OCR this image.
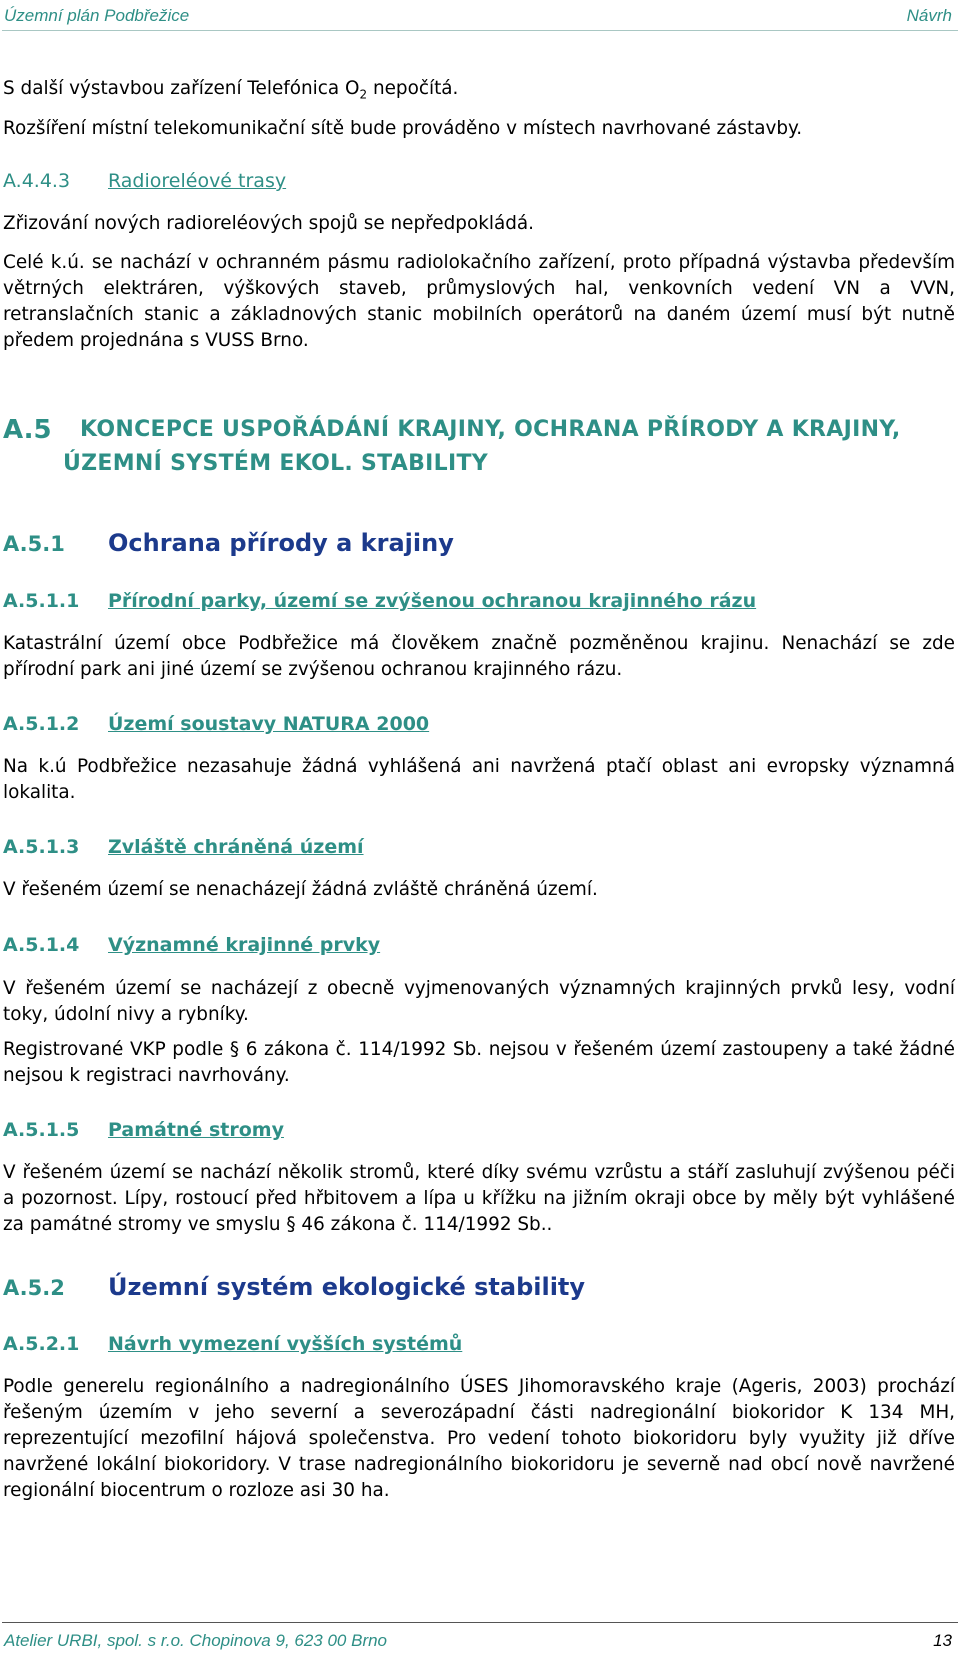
Územní plán Podbřežice	Návrh

S další výstavbou zařízení Telefónica $O_2$ nepočítá.

Rozšíření místní telekomunikační sítě bude prováděno v místech navrhované zástavby.

A.4.4.3 Radioreléové trasy

Zřizování nových radioreléových spojů se nepředpokládá.

Celé k.ú. se nachází v ochranném pásmu radiolokačního zařízení, proto případná výstavba především větrných elektráren, výškových staveb, průmyslových hal, venkovních vedení VN a VVN, retranslačních stanic a základnových stanic mobilních operátorů na daném území musí být nutně předem projednána s VUSS Brno.

A.5	KONCEPCE USPOŘÁDÁNÍ KRAJINY, OCHRANA PŘÍRODY A KRAJINY,
ÚZEMNÍ SYSTÉM EKOL. STABILITY
A.5.1 Ochrana přírody a krajiny
A.5.1.1 Přírodní parky, území se zvýšenou ochranou krajinného rázu

Katastrální území obce Podbřežice má člověkem značně pozměněnou krajinu. Nenachází se zde přírodní park ani jiné území se zvýšenou ochranou krajinného rázu.

A.5.1.2 Území soustavy NATURA 2000

Na k.ú Podbřežice nezasahuje žádná vyhlášená ani navržená ptačí oblast ani evropsky významná lokalita.

A.5.1.3 Zvláště chráněná území

V řešeném území se nenacházejí žádná zvláště chráněná území.

A.5.1.4 Významné krajinné prvky

V řešeném území se nacházejí z obecně vyjmenovaných významných krajinných prvků lesy, vodní toky, údolní nivy a rybníky.

Registrované VKP podle § 6 zákona č. 114/1992 Sb. nejsou v řešeném území zastoupeny a také žádné nejsou k registraci navrhovány.

A.5.1.5 Památné stromy

V řešeném území se nachází několik stromů, které díky svému vzrůstu a stáří zasluhují zvýšenou péči a pozornost. Lípy, rostoucí před hřbitovem a lípa u křížku na jižním okraji obce by měly být vyhlášené za památné stromy ve smyslu § 46 zákona č. 114/1992 Sb..

A.5.2 Územní systém ekologické stability
A.5.2.1 Návrh vymezení vyšších systémů

Podle generelu regionálního a nadregionálního ÚSES Jihomoravského kraje (Ageris, 2003) prochází řešeným územím v jeho severní a severozápadní části nadregionální biokoridor K 134 MH, reprezentující mezofilní hájová společenstva. Pro vedení tohoto biokoridoru byly využity již dříve navržené lokální biokoridory. V trase nadregionálního biokoridoru je severně nad obcí nově navržené regionální biocentrum o rozloze asi 30 ha.

Atelier URBI, spol. s r.o. Chopinova 9, 623 00 Brno	13
